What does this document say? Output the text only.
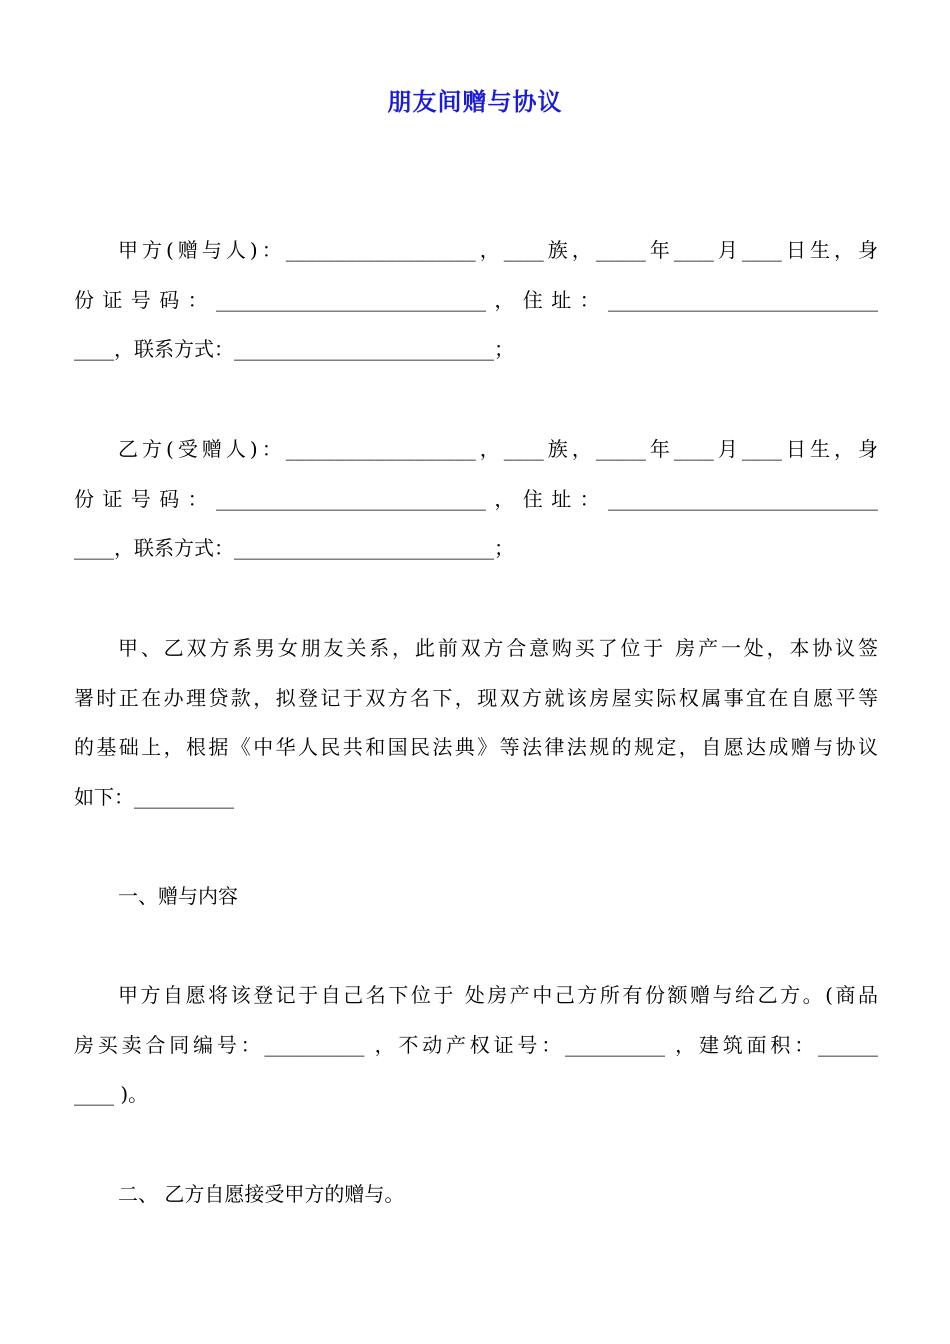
朋友间赠与协议
甲方(赠与人)：___________________，____族，_____年____月____日生，身
份证号码：___________________________，住址：___________________________
____，联系方式：__________________________；
乙方(受赠人)：___________________，____族，_____年____月____日生，身
份证号码：___________________________，住址：___________________________
____，联系方式：__________________________；
甲、乙双方系男女朋友关系，此前双方合意购买了位于 房产一处，本协议签
署时正在办理贷款，拟登记于双方名下，现双方就该房屋实际权属事宜在自愿平等
的基础上，根据《中华人民共和国民法典》等法律法规的规定，自愿达成赠与协议
如下：__________
一、赠与内容
甲方自愿将该登记于自己名下位于 处房产中己方所有份额赠与给乙方。(商品
房买卖合同编号：__________ ，不动产权证号：__________ ，建筑面积：______
____ )。
二、 乙方自愿接受甲方的赠与。
